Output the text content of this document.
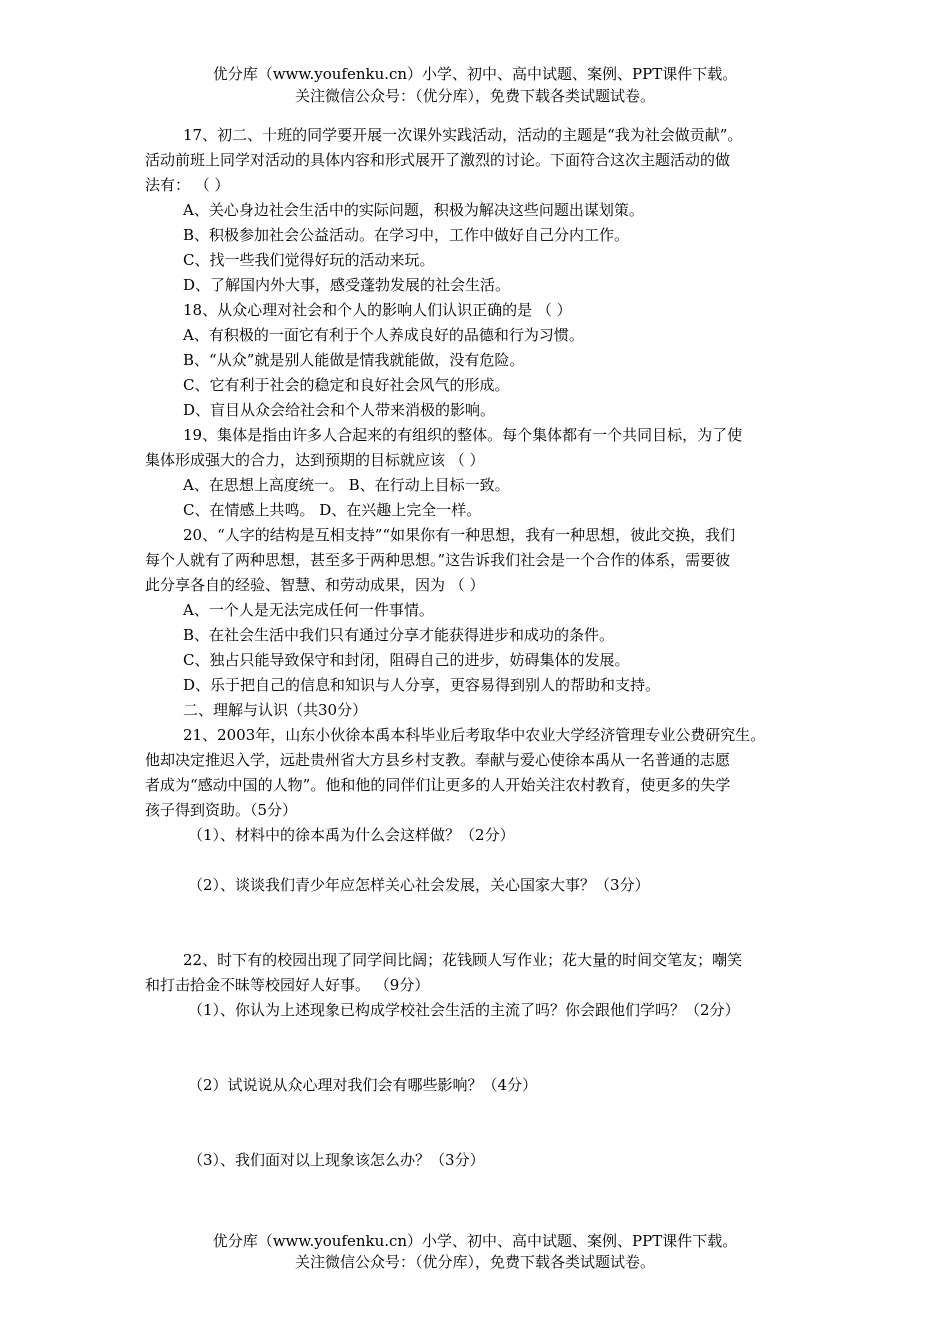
优分库（www.youfenku.cn）小学、初中、高中试题、案例、PPT课件下载。
关注微信公众号：（优分库），免费下载各类试题试卷。
17、初二、十班的同学要开展一次课外实践活动，活动的主题是“我为社会做贡献”。
活动前班上同学对活动的具体内容和形式展开了激烈的讨论。下面符合这次主题活动的做
法有： （ ）
A、关心身边社会生活中的实际问题，积极为解决这些问题出谋划策。
B、积极参加社会公益活动。在学习中，工作中做好自己分内工作。
C、找一些我们觉得好玩的活动来玩。
D、了解国内外大事，感受蓬勃发展的社会生活。
18、从众心理对社会和个人的影响人们认识正确的是 （ ）
A、有积极的一面它有利于个人养成良好的品德和行为习惯。
B、“从众”就是别人能做是情我就能做，没有危险。
C、它有利于社会的稳定和良好社会风气的形成。
D、盲目从众会给社会和个人带来消极的影响。
19、集体是指由许多人合起来的有组织的整体。每个集体都有一个共同目标，为了使
集体形成强大的合力，达到预期的目标就应该 （ ）
A、在思想上高度统一。 B、在行动上目标一致。
C、在情感上共鸣。 D、在兴趣上完全一样。
20、“人字的结构是互相支持”“如果你有一种思想，我有一种思想，彼此交换，我们
每个人就有了两种思想，甚至多于两种思想。”这告诉我们社会是一个合作的体系，需要彼
此分享各自的经验、智慧、和劳动成果，因为 （ ）
A、一个人是无法完成任何一件事情。
B、在社会生活中我们只有通过分享才能获得进步和成功的条件。
C、独占只能导致保守和封闭，阻碍自己的进步，妨碍集体的发展。
D、乐于把自己的信息和知识与人分享，更容易得到别人的帮助和支持。
二、理解与认识（共30分）
21、2003年，山东小伙徐本禹本科毕业后考取华中农业大学经济管理专业公费研究生。
他却决定推迟入学，远赴贵州省大方县乡村支教。奉献与爱心使徐本禹从一名普通的志愿
者成为“感动中国的人物”。他和他的同伴们让更多的人开始关注农村教育，使更多的失学
孩子得到资助。（5分）
（1）、材料中的徐本禹为什么会这样做？（2分）
（2）、谈谈我们青少年应怎样关心社会发展，关心国家大事？（3分）
22、时下有的校园出现了同学间比阔；花钱顾人写作业；花大量的时间交笔友；嘲笑
和打击拾金不昧等校园好人好事。 （9分）
（1）、你认为上述现象已构成学校社会生活的主流了吗？你会跟他们学吗？（2分）
（2）试说说从众心理对我们会有哪些影响？（4分）
（3）、我们面对以上现象该怎么办？（3分）
优分库（www.youfenku.cn）小学、初中、高中试题、案例、PPT课件下载。
关注微信公众号：（优分库），免费下载各类试题试卷。
